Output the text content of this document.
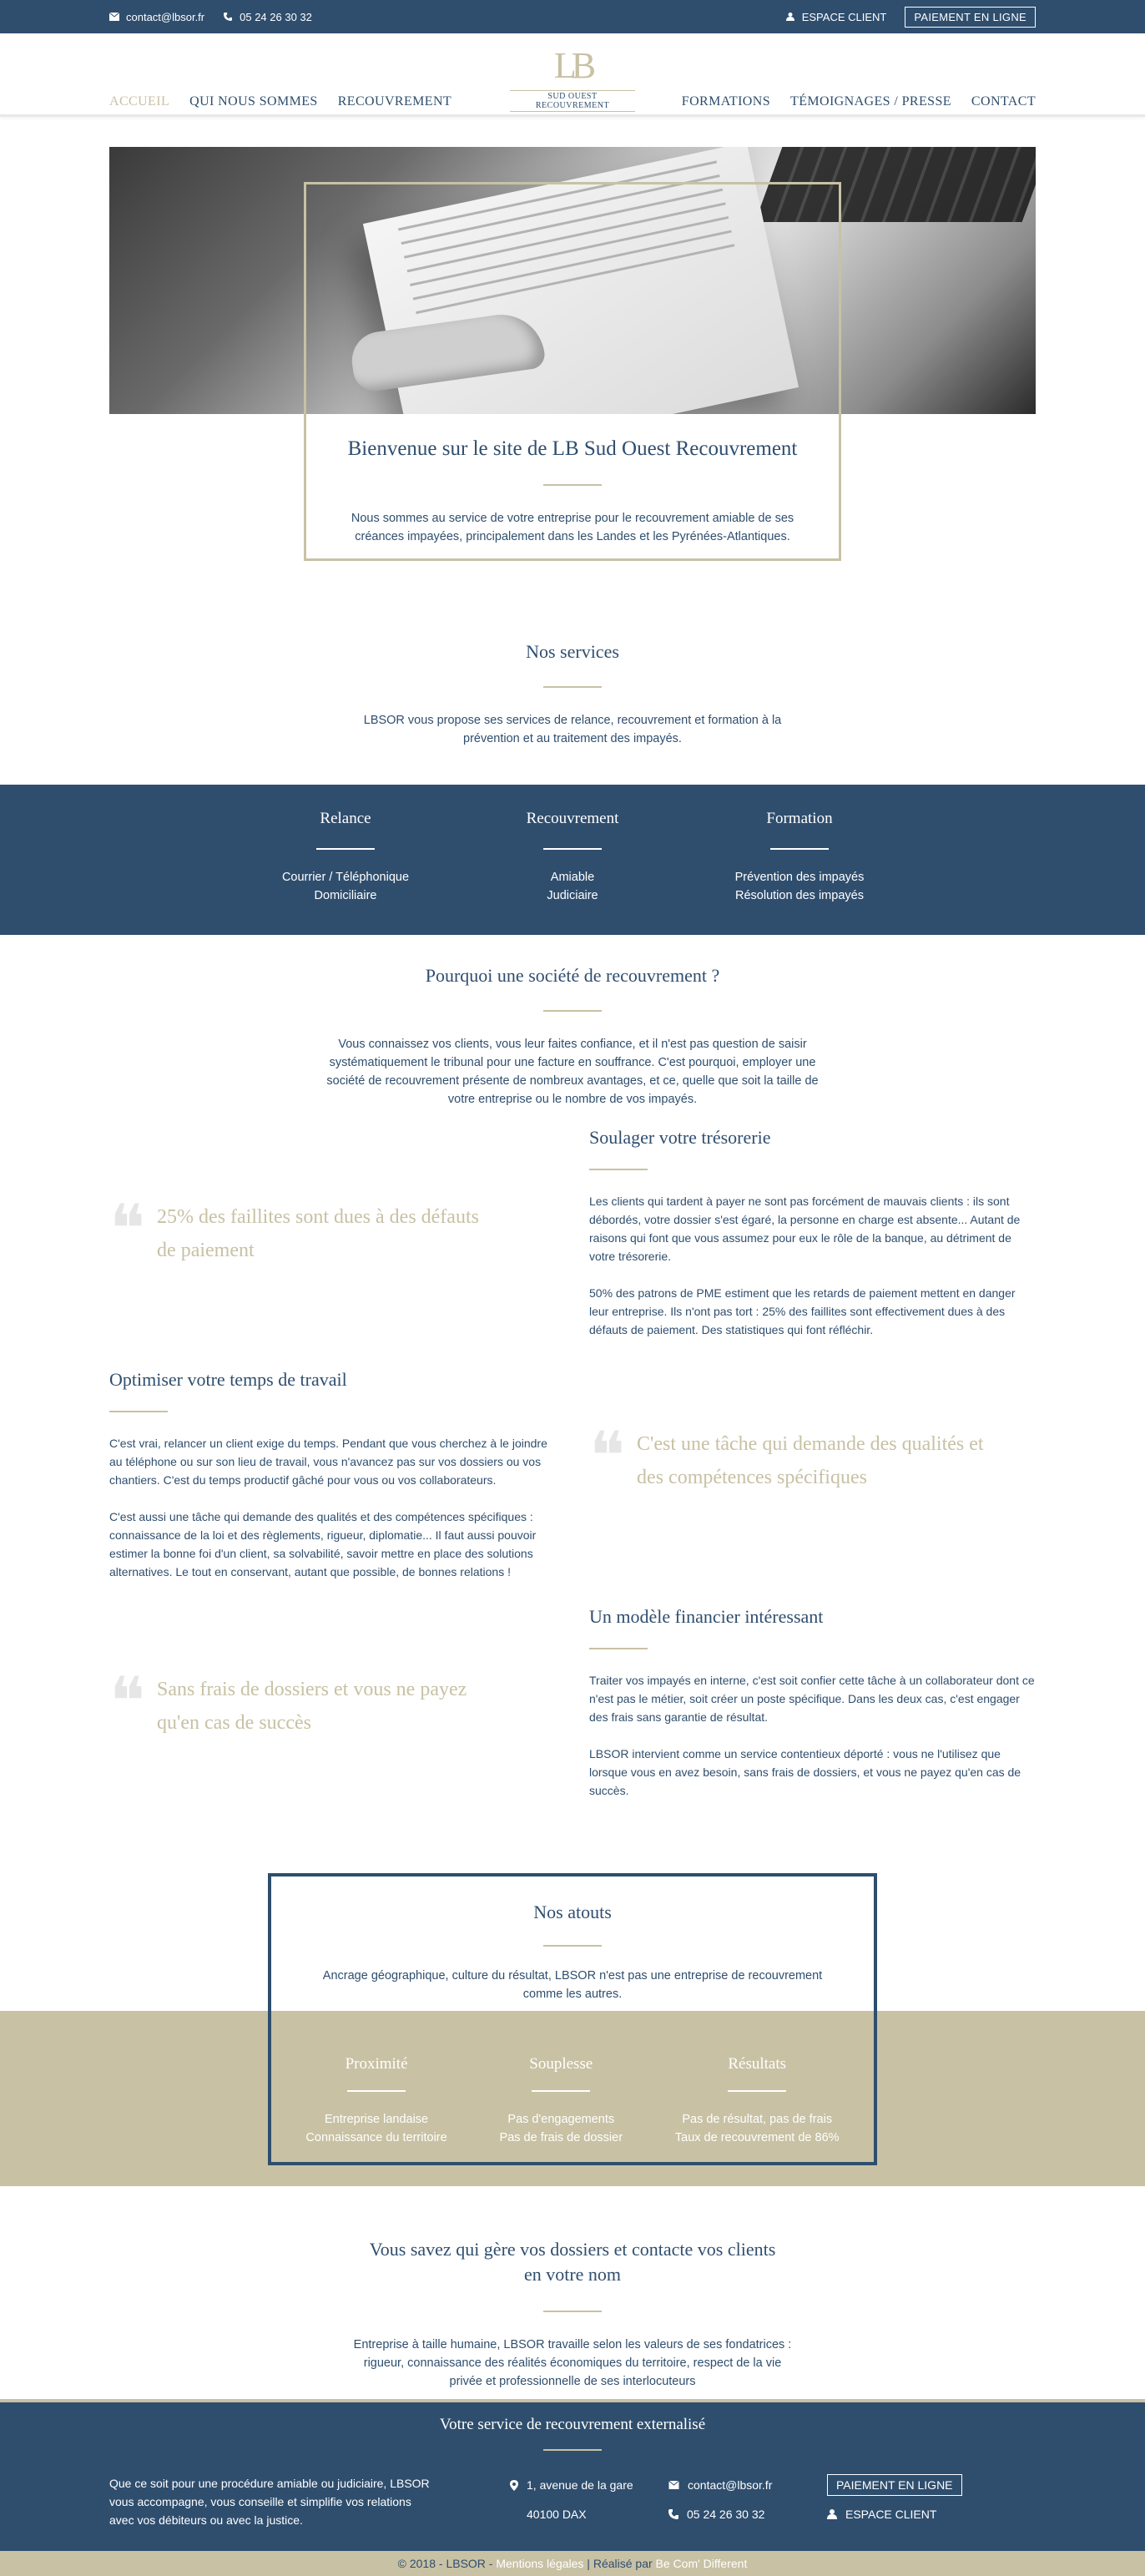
contact@lbsor.fr	05 24 26 30 32	ESPACE CLIENT	PAIEMENT EN LIGNE
ACCUEIL QUI NOUS SOMMES RECOUVREMENT
LB
SUD OUEST RECOUVREMENT	FORMATIONS TÉMOIGNAGES / PRESSE CONTACT
Bienvenue sur le site de LB Sud Ouest Recouvrement

Nous sommes au service de votre entreprise pour le recouvrement amiable de ses créances impayées, principalement dans les Landes et les Pyrénées-Atlantiques.

Nos services

LBSOR vous propose ses services de relance, recouvrement et formation à la prévention et au traitement des impayés.

Relance

Courrier / Téléphonique

Domiciliaire

Recouvrement

Amiable

Judiciaire

Formation

Prévention des impayés

Résolution des impayés

Pourquoi une société de recouvrement ?

Vous connaissez vos clients, vous leur faites confiance, et il n'est pas question de saisir systématiquement le tribunal pour une facture en souffrance. C'est pourquoi, employer une société de recouvrement présente de nombreux avantages, et ce, quelle que soit la taille de votre entreprise ou le nombre de vos impayés.

❝ 25% des faillites sont dues à des défauts de paiement
Soulager votre trésorerie

Les clients qui tardent à payer ne sont pas forcément de mauvais clients : ils sont débordés, votre dossier s'est égaré, la personne en charge est absente... Autant de raisons qui font que vous assumez pour eux le rôle de la banque, au détriment de votre trésorerie.

50% des patrons de PME estiment que les retards de paiement mettent en danger leur entreprise. Ils n'ont pas tort : 25% des faillites sont effectivement dues à des défauts de paiement. Des statistiques qui font réfléchir.

Optimiser votre temps de travail

C'est vrai, relancer un client exige du temps. Pendant que vous cherchez à le joindre au téléphone ou sur son lieu de travail, vous n'avancez pas sur vos dossiers ou vos chantiers. C'est du temps productif gâché pour vous ou vos collaborateurs.

C'est aussi une tâche qui demande des qualités et des compétences spécifiques : connaissance de la loi et des règlements, rigueur, diplomatie... Il faut aussi pouvoir estimer la bonne foi d'un client, sa solvabilité, savoir mettre en place des solutions alternatives. Le tout en conservant, autant que possible, de bonnes relations !

❝ C'est une tâche qui demande des qualités et des compétences spécifiques
❝ Sans frais de dossiers et vous ne payez qu'en cas de succès
Un modèle financier intéressant

Traiter vos impayés en interne, c'est soit confier cette tâche à un collaborateur dont ce n'est pas le métier, soit créer un poste spécifique. Dans les deux cas, c'est engager des frais sans garantie de résultat.

LBSOR intervient comme un service contentieux déporté : vous ne l'utilisez que lorsque vous en avez besoin, sans frais de dossiers, et vous ne payez qu'en cas de succès.

Nos atouts

Ancrage géographique, culture du résultat, LBSOR n'est pas une entreprise de recouvrement comme les autres.

Proximité

Entreprise landaise

Connaissance du territoire

Souplesse

Pas d'engagements

Pas de frais de dossier

Résultats

Pas de résultat, pas de frais

Taux de recouvrement de 86%

Vous savez qui gère vos dossiers et contacte vos clients
en votre nom

Entreprise à taille humaine, LBSOR travaille selon les valeurs de ses fondatrices : rigueur, connaissance des réalités économiques du territoire, respect de la vie privée et professionnelle de ses interlocuteurs

Votre service de recouvrement externalisé

Que ce soit pour une procédure amiable ou judiciaire, LBSOR vous accompagne, vous conseille et simplifie vos relations avec vos débiteurs ou avec la justice.

1, avenue de la gare	contact@lbsor.fr	PAIEMENT EN LIGNE
40100 DAX	05 24 26 30 32	ESPACE CLIENT
© 2018 - LBSOR - Mentions légales | Réalisé par Be Com' Different
